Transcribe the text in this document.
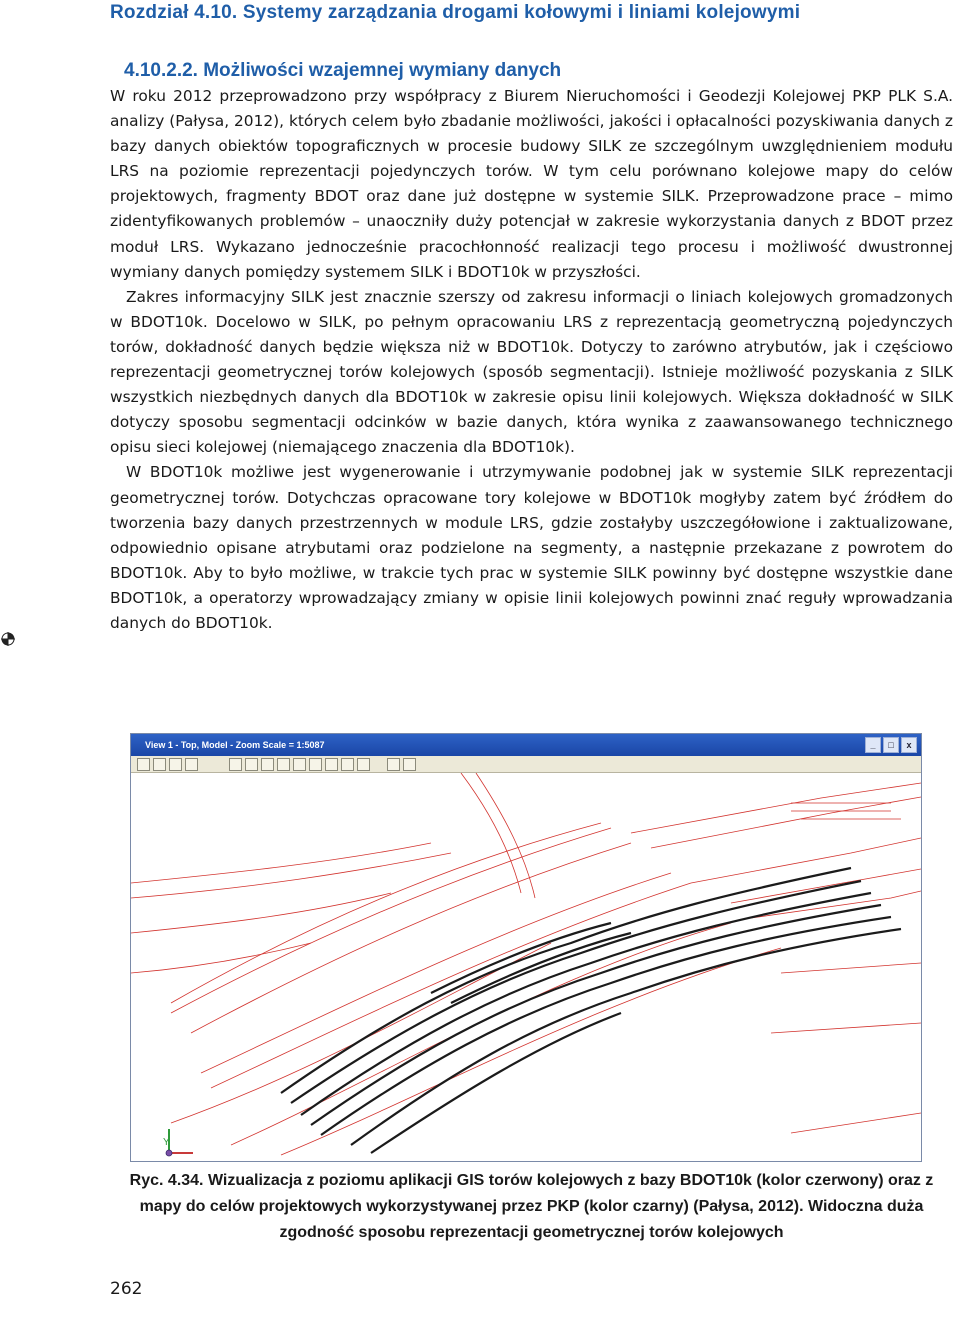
Rozdział 4.10. Systemy zarządzania drogami kołowymi i liniami kolejowymi
4.10.2.2. Możliwości wzajemnej wymiany danych

W roku 2012 przeprowadzono przy współpracy z Biurem Nieruchomości i Geodezji Kolejowej PKP PLK S.A. analizy (Pałysa, 2012), których celem było zbadanie możliwości, jakości i opłacalności pozyskiwania danych z bazy danych obiektów topograficznych w procesie budowy SILK ze szczególnym uwzględnieniem modułu LRS na poziomie reprezentacji pojedynczych torów. W tym celu porównano kolejowe mapy do celów projektowych, fragmenty BDOT oraz dane już dostępne w systemie SILK. Przeprowadzone prace – mimo zidentyfikowanych problemów – unaoczniły duży potencjał w zakresie wykorzystania danych z BDOT przez moduł LRS. Wykazano jednocześnie pracochłonność realizacji tego procesu i możliwość dwustronnej wymiany danych pomiędzy systemem SILK i BDOT10k w przyszłości.

Zakres informacyjny SILK jest znacznie szerszy od zakresu informacji o liniach kolejowych gromadzonych w BDOT10k. Docelowo w SILK, po pełnym opracowaniu LRS z reprezentacją geometryczną pojedynczych torów, dokładność danych będzie większa niż w BDOT10k. Dotyczy to zarówno atrybutów, jak i częściowo reprezentacji geometrycznej torów kolejowych (sposób segmentacji). Istnieje możliwość pozyskania z SILK wszystkich niezbędnych danych dla BDOT10k w zakresie opisu linii kolejowych. Większa dokładność w SILK dotyczy sposobu segmentacji odcinków w bazie danych, która wynika z zaawansowanego technicznego opisu sieci kolejowej (niemającego znaczenia dla BDOT10k).

W BDOT10k możliwe jest wygenerowanie i utrzymywanie podobnej jak w systemie SILK reprezentacji geometrycznej torów. Dotychczas opracowane tory kolejowe w BDOT10k mogłyby zatem być źródłem do tworzenia bazy danych przestrzennych w module LRS, gdzie zostałyby uszczegółowione i zaktualizowane, odpowiednio opisane atrybutami oraz podzielone na segmenty, a następnie przekazane z powrotem do BDOT10k. Aby to było możliwe, w trakcie tych prac w systemie SILK powinny być dostępne wszystkie dane BDOT10k, a operatorzy wprowadzający zmiany w opisie linii kolejowych powinni znać reguły wprowadzania danych do BDOT10k.

View 1 - Top, Model - Zoom Scale = 1:5087	_ □ x
Y
Ryc. 4.34. Wizualizacja z poziomu aplikacji GIS torów kolejowych z bazy BDOT10k (kolor czerwony) oraz z mapy do celów projektowych wykorzystywanej przez PKP (kolor czarny) (Pałysa, 2012). Widoczna duża zgodność sposobu reprezentacji geometrycznej torów kolejowych
262
